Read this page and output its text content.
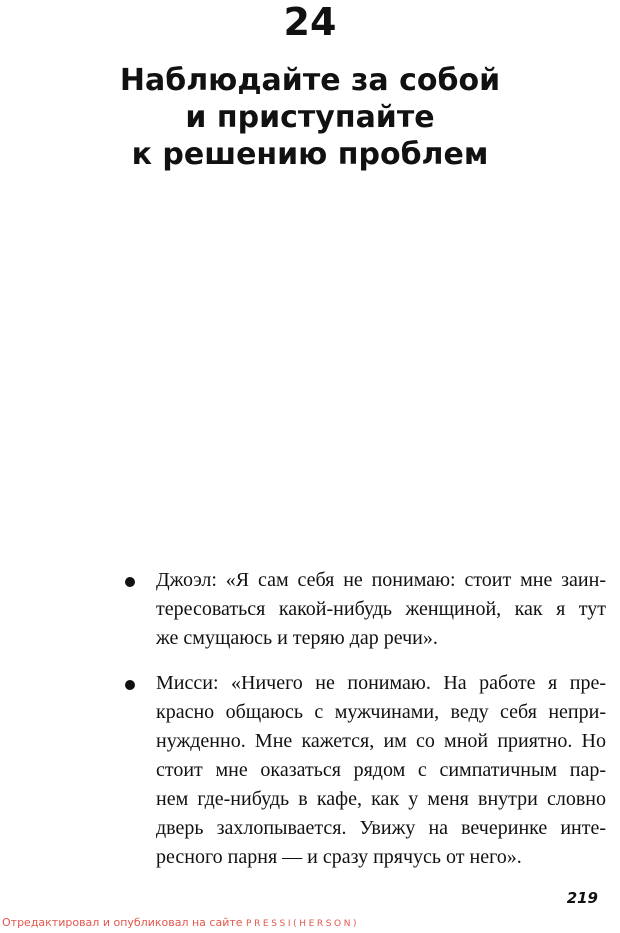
24
Наблюдайте за собой
и приступайте
к решению проблем
Джоэл: «Я сам себя не понимаю: стоит мне заин-
тересоваться какой-нибудь женщиной, как я тут
же смущаюсь и теряю дар речи».
Мисси: «Ничего не понимаю. На работе я пре-
красно общаюсь с мужчинами, веду себя непри-
нужденно. Мне кажется, им со мной приятно. Но
стоит мне оказаться рядом с симпатичным пар-
нем где-нибудь в кафе, как у меня внутри словно
дверь захлопывается. Увижу на вечеринке инте-
ресного парня — и сразу прячусь от него».
219
Отредактировал и опубликовал на сайте PRESSI(HERSON)
